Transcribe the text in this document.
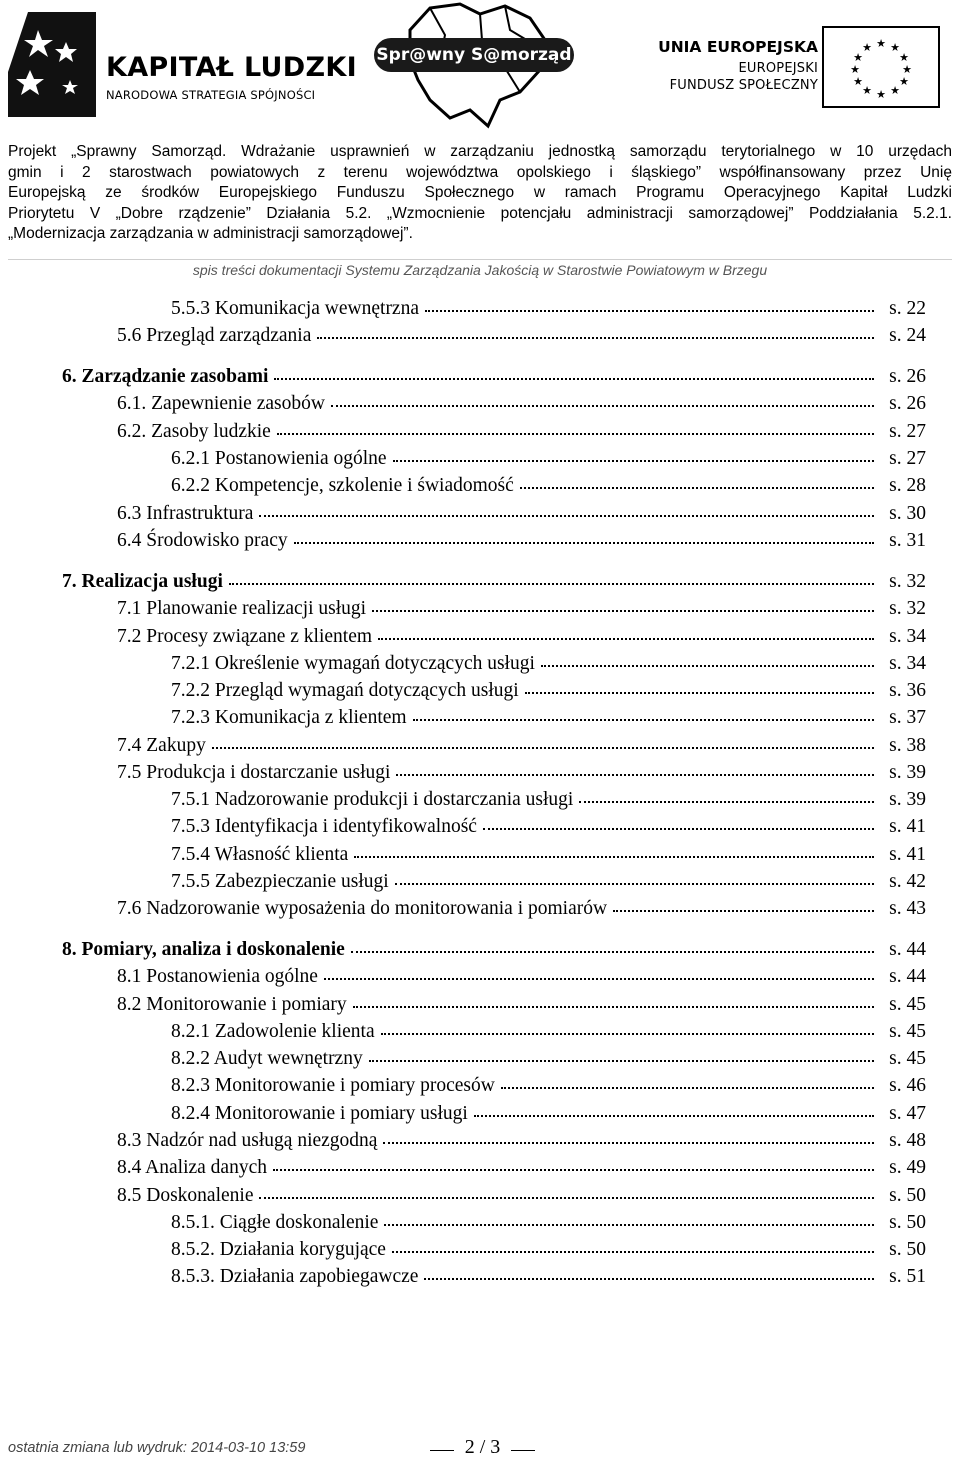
KAPITAŁ LUDZKI
NARODOWA STRATEGIA SPÓJNOŚCI
Spr@wny S@morząd	UNIA EUROPEJSKA
EUROPEJSKI
FUNDUSZ SPOŁECZNY
★ ★
★
★
★
★
★
★
★
★
★
★
Projekt „Sprawny Samorząd. Wdrażanie usprawnień w zarządzaniu jednostką samorządu terytorialnego w 10 urzędach
gmin i 2 starostwach powiatowych z terenu województwa opolskiego i śląskiego” współfinansowany przez Unię
Europejską ze środków Europejskiego Funduszu Społecznego w ramach Programu Operacyjnego Kapitał Ludzki
Priorytetu V „Dobre rządzenie” Działania 5.2. „Wzmocnienie potencjału administracji samorządowej” Poddziałania 5.2.1.
„Modernizacja zarządzania w administracji samorządowej”.
spis treści dokumentacji Systemu Zarządzania Jakością w Starostwie Powiatowym w Brzegu
5.5.3 Komunikacja wewnętrzna	s. 22
5.6 Przegląd zarządzania	s. 24
6. Zarządzanie zasobami	s. 26
6.1. Zapewnienie zasobów	s. 26
6.2. Zasoby ludzkie	s. 27
6.2.1 Postanowienia ogólne	s. 27
6.2.2 Kompetencje, szkolenie i świadomość	s. 28
6.3 Infrastruktura	s. 30
6.4 Środowisko pracy	s. 31
7. Realizacja usługi	s. 32
7.1 Planowanie realizacji usługi	s. 32
7.2 Procesy związane z klientem	s. 34
7.2.1 Określenie wymagań dotyczących usługi	s. 34
7.2.2 Przegląd wymagań dotyczących usługi	s. 36
7.2.3 Komunikacja z klientem	s. 37
7.4 Zakupy	s. 38
7.5 Produkcja i dostarczanie usługi	s. 39
7.5.1 Nadzorowanie produkcji i dostarczania usługi	s. 39
7.5.3 Identyfikacja i identyfikowalność	s. 41
7.5.4 Własność klienta	s. 41
7.5.5 Zabezpieczanie usługi	s. 42
7.6 Nadzorowanie wyposażenia do monitorowania i pomiarów	s. 43
8. Pomiary, analiza i doskonalenie	s. 44
8.1 Postanowienia ogólne	s. 44
8.2 Monitorowanie i pomiary	s. 45
8.2.1 Zadowolenie klienta	s. 45
8.2.2 Audyt wewnętrzny	s. 45
8.2.3 Monitorowanie i pomiary procesów	s. 46
8.2.4 Monitorowanie i pomiary usługi	s. 47
8.3 Nadzór nad usługą niezgodną	s. 48
8.4 Analiza danych	s. 49
8.5 Doskonalenie	s. 50
8.5.1. Ciągłe doskonalenie	s. 50
8.5.2. Działania korygujące	s. 50
8.5.3. Działania zapobiegawcze	s. 51
ostatnia zmiana lub wydruk: 2014-03-10 13:59	2 / 3
